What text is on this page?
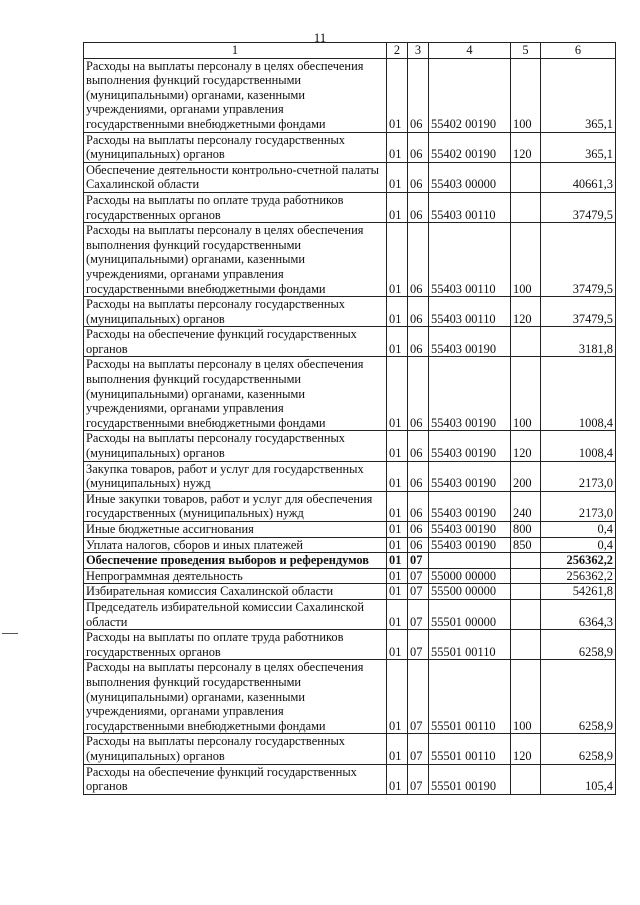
11
1	2	3	4	5	6
Расходы на выплаты персоналу в целях обеспечения выполнения функций государственными (муниципальными) органами, казенными учреждениями, органами управления государственными внебюджетными фондами	01	06	55402 00190	100	365,1
Расходы на выплаты персоналу государственных (муниципальных) органов	01	06	55402 00190	120	365,1
Обеспечение деятельности контрольно-счетной палаты Сахалинской области	01	06	55403 00000		40661,3
Расходы на выплаты по оплате труда работников государственных органов	01	06	55403 00110		37479,5
Расходы на выплаты персоналу в целях обеспечения выполнения функций государственными (муниципальными) органами, казенными учреждениями, органами управления государственными внебюджетными фондами	01	06	55403 00110	100	37479,5
Расходы на выплаты персоналу государственных (муниципальных) органов	01	06	55403 00110	120	37479,5
Расходы на обеспечение функций государственных органов	01	06	55403 00190		3181,8
Расходы на выплаты персоналу в целях обеспечения выполнения функций государственными (муниципальными) органами, казенными учреждениями, органами управления государственными внебюджетными фондами	01	06	55403 00190	100	1008,4
Расходы на выплаты персоналу государственных (муниципальных) органов	01	06	55403 00190	120	1008,4
Закупка товаров, работ и услуг для государственных (муниципальных) нужд	01	06	55403 00190	200	2173,0
Иные закупки товаров, работ и услуг для обеспечения государственных (муниципальных) нужд	01	06	55403 00190	240	2173,0
Иные бюджетные ассигнования	01	06	55403 00190	800	0,4
Уплата налогов, сборов и иных платежей	01	06	55403 00190	850	0,4
Обеспечение проведения выборов и референдумов	01	07			256362,2
Непрограммная деятельность	01	07	55000 00000		256362,2
Избирательная комиссия Сахалинской области	01	07	55500 00000		54261,8
Председатель избирательной комиссии Сахалинской области	01	07	55501 00000		6364,3
Расходы на выплаты по оплате труда работников государственных органов	01	07	55501 00110		6258,9
Расходы на выплаты персоналу в целях обеспечения выполнения функций государственными (муниципальными) органами, казенными учреждениями, органами управления государственными внебюджетными фондами	01	07	55501 00110	100	6258,9
Расходы на выплаты персоналу государственных (муниципальных) органов	01	07	55501 00110	120	6258,9
Расходы на обеспечение функций государственных органов	01	07	55501 00190		105,4
